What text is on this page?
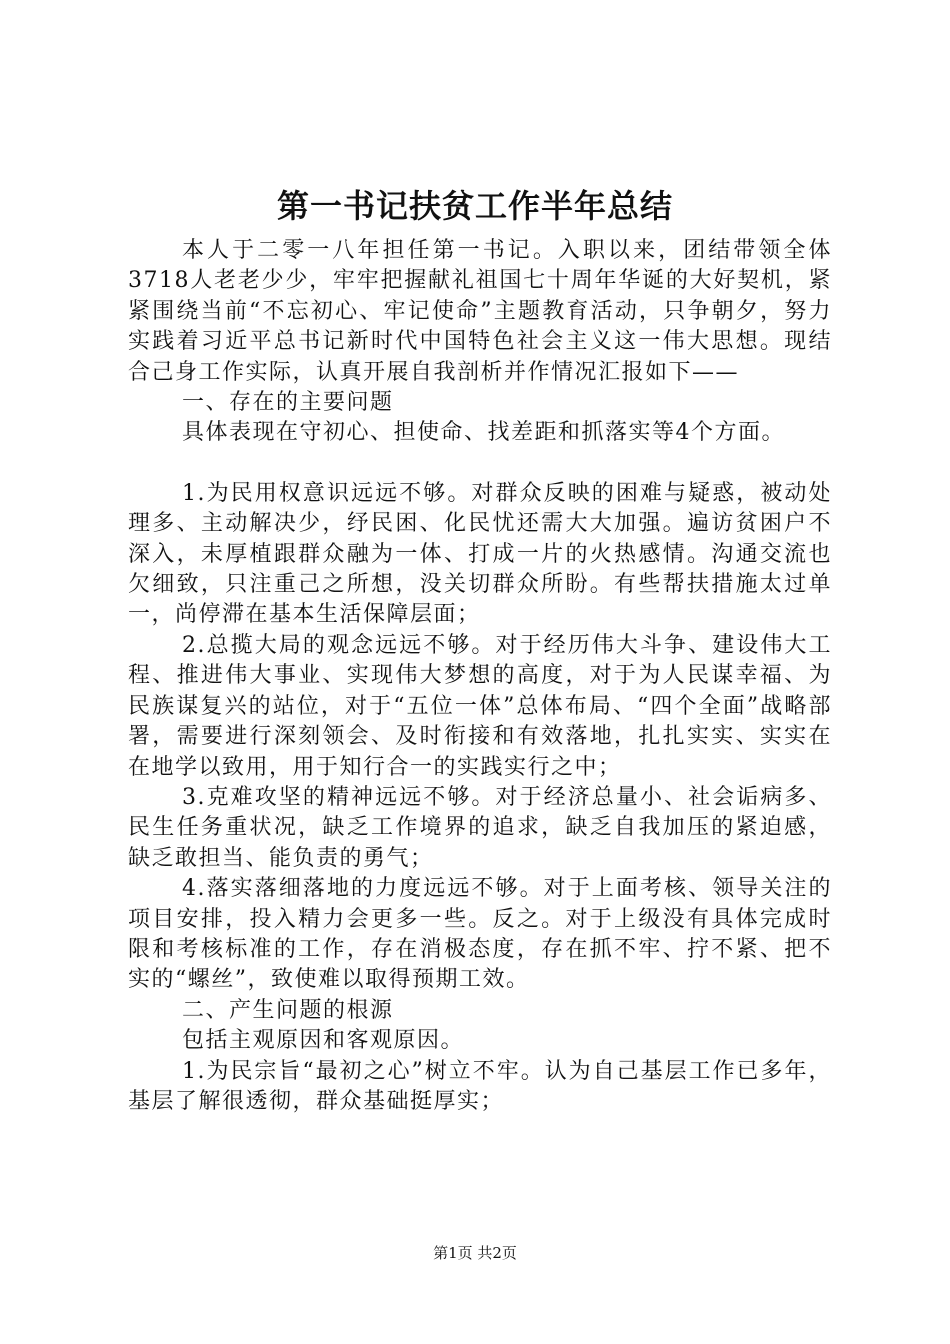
第一书记扶贫工作半年总结

本人于二零一八年担任第一书记。入职以来，团结带领全体3718人老老少少，牢牢把握献礼祖国七十周年华诞的大好契机，紧紧围绕当前“不忘初心、牢记使命”主题教育活动，只争朝夕，努力实践着习近平总书记新时代中国特色社会主义这一伟大思想。现结合己身工作实际，认真开展自我剖析并作情况汇报如下——

一、存在的主要问题

具体表现在守初心、担使命、找差距和抓落实等4个方面。

1.为民用权意识远远不够。对群众反映的困难与疑惑，被动处理多、主动解决少，纾民困、化民忧还需大大加强。遍访贫困户不深入，未厚植跟群众融为一体、打成一片的火热感情。沟通交流也欠细致，只注重己之所想，没关切群众所盼。有些帮扶措施太过单一，尚停滞在基本生活保障层面；

2.总揽大局的观念远远不够。对于经历伟大斗争、建设伟大工程、推进伟大事业、实现伟大梦想的高度，对于为人民谋幸福、为民族谋复兴的站位，对于“五位一体”总体布局、“四个全面”战略部署，需要进行深刻领会、及时衔接和有效落地，扎扎实实、实实在在地学以致用，用于知行合一的实践实行之中；

3.克难攻坚的精神远远不够。对于经济总量小、社会诟病多、民生任务重状况，缺乏工作境界的追求，缺乏自我加压的紧迫感，缺乏敢担当、能负责的勇气；

4.落实落细落地的力度远远不够。对于上面考核、领导关注的项目安排，投入精力会更多一些。反之。对于上级没有具体完成时限和考核标准的工作，存在消极态度，存在抓不牢、拧不紧、把不实的“螺丝”，致使难以取得预期工效。

二、产生问题的根源

包括主观原因和客观原因。

1.为民宗旨“最初之心”树立不牢。认为自己基层工作已多年，基层了解很透彻，群众基础挺厚实；

第1页 共2页
